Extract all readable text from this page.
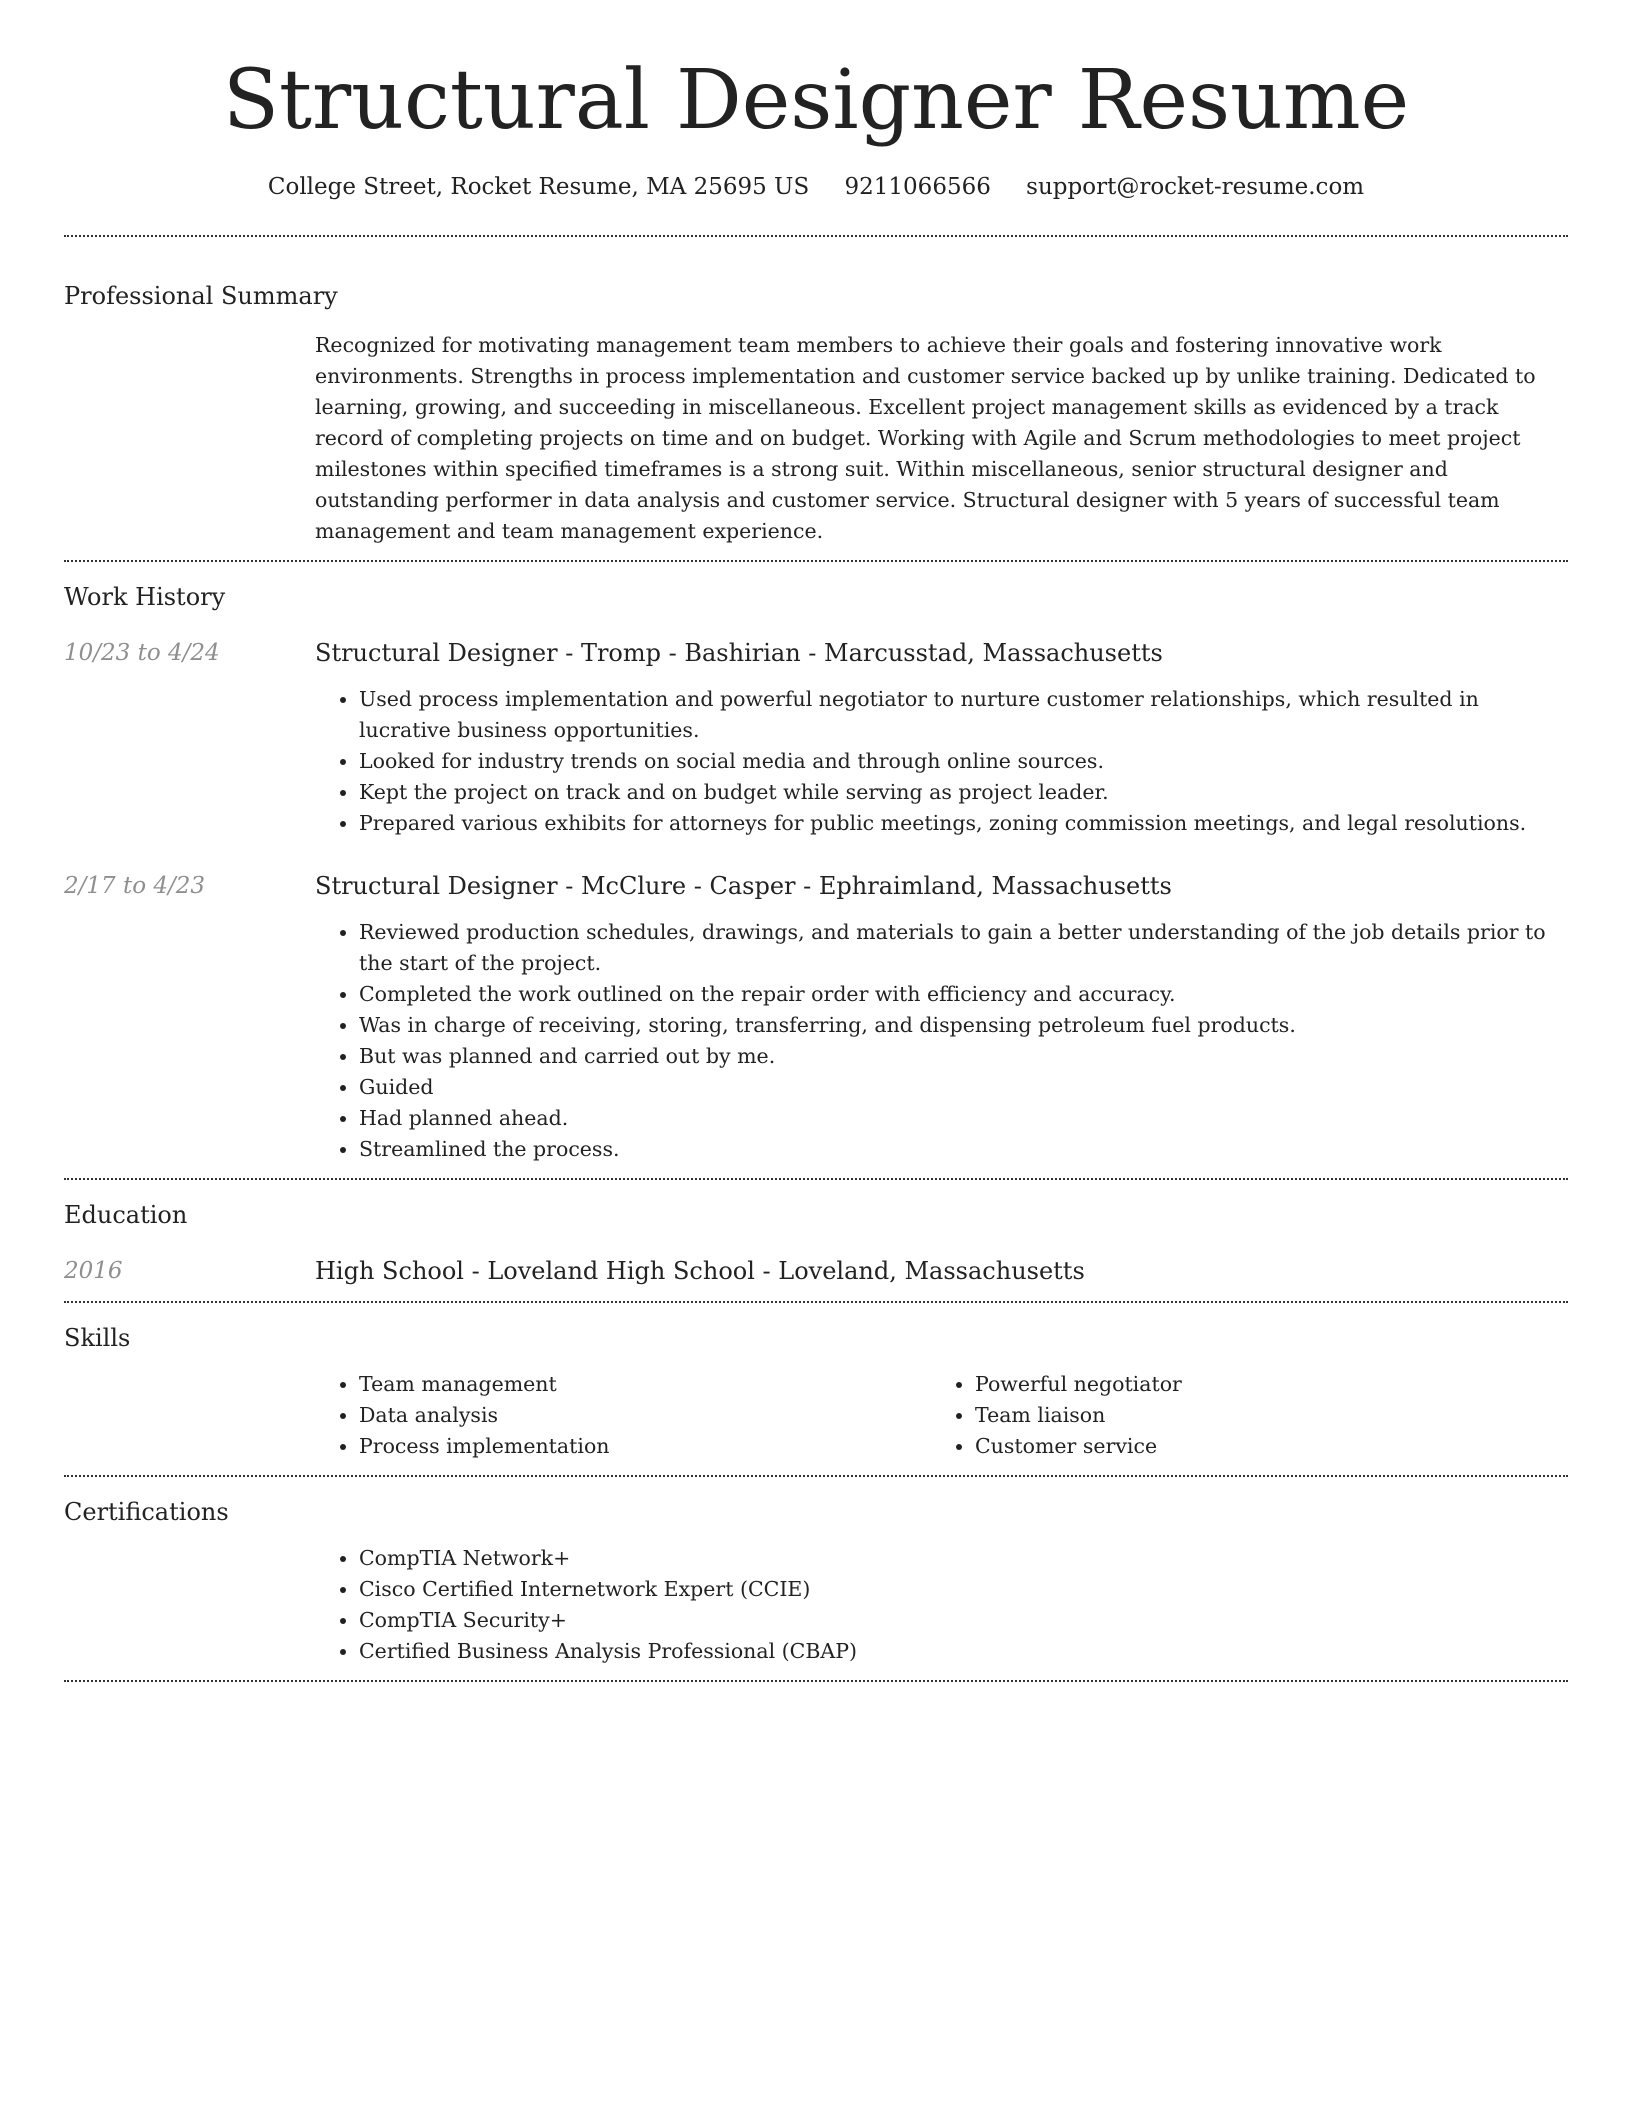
Structural Designer Resume
College Street, Rocket Resume, MA 25695 US 9211066566 support@rocket-resume.com
Professional Summary
Recognized for motivating management team members to achieve their goals and fostering innovative work environments. Strengths in process implementation and customer service backed up by unlike training. Dedicated to learning, growing, and succeeding in miscellaneous. Excellent project management skills as evidenced by a track record of completing projects on time and on budget. Working with Agile and Scrum methodologies to meet project milestones within specified timeframes is a strong suit. Within miscellaneous, senior structural designer and outstanding performer in data analysis and customer service. Structural designer with 5 years of successful team management and team management experience.
Work History
10/23 to 4/24	Structural Designer - Tromp - Bashirian - Marcusstad, Massachusetts
• Used process implementation and powerful negotiator to nurture customer relationships, which resulted in lucrative business opportunities.
• Looked for industry trends on social media and through online sources.
• Kept the project on track and on budget while serving as project leader.
• Prepared various exhibits for attorneys for public meetings, zoning commission meetings, and legal resolutions.
2/17 to 4/23	Structural Designer - McClure - Casper - Ephraimland, Massachusetts
• Reviewed production schedules, drawings, and materials to gain a better understanding of the job details prior to the start of the project.
• Completed the work outlined on the repair order with efficiency and accuracy.
• Was in charge of receiving, storing, transferring, and dispensing petroleum fuel products.
• But was planned and carried out by me.
• Guided
• Had planned ahead.
• Streamlined the process.
Education
2016	High School - Loveland High School - Loveland, Massachusetts
Skills
• Team management
• Data analysis
• Process implementation
• Powerful negotiator
• Team liaison
• Customer service
Certifications
• CompTIA Network+
• Cisco Certified Internetwork Expert (CCIE)
• CompTIA Security+
• Certified Business Analysis Professional (CBAP)
